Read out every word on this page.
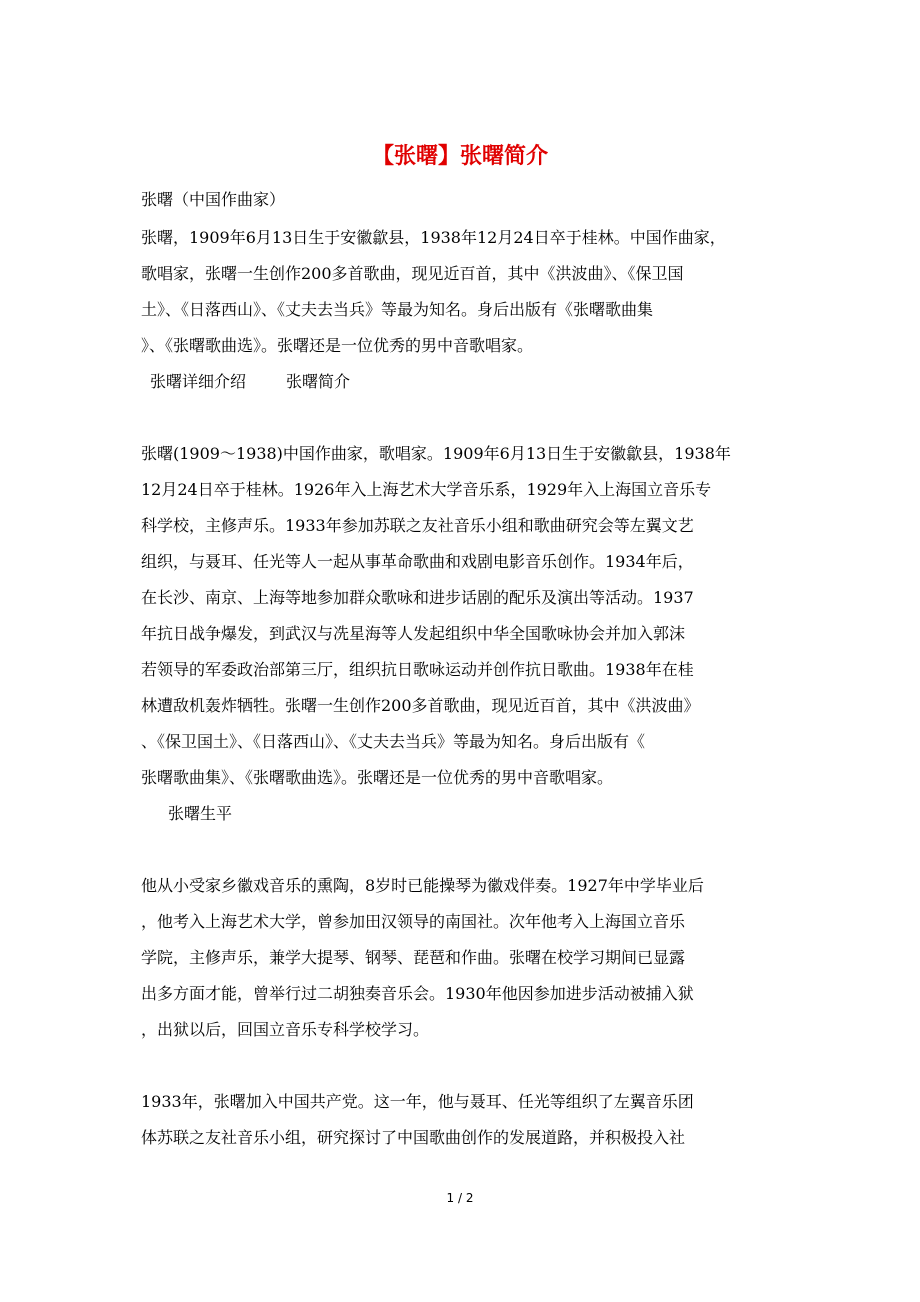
【张曙】张曙简介

张曙（中国作曲家）

张曙，1909年6月13日生于安徽歙县，1938年12月24日卒于桂林。中国作曲家，

歌唱家，张曙一生创作200多首歌曲，现见近百首，其中《洪波曲》、《保卫国

土》、《日落西山》、《丈夫去当兵》等最为知名。身后出版有《张曙歌曲集

》、《张曙歌曲选》。张曙还是一位优秀的男中音歌唱家。

张曙详细介绍	张曙简介

张曙(1909～1938)中国作曲家，歌唱家。1909年6月13日生于安徽歙县，1938年

12月24日卒于桂林。1926年入上海艺术大学音乐系，1929年入上海国立音乐专

科学校，主修声乐。1933年参加苏联之友社音乐小组和歌曲研究会等左翼文艺

组织，与聂耳、任光等人一起从事革命歌曲和戏剧电影音乐创作。1934年后，

在长沙、南京、上海等地参加群众歌咏和进步话剧的配乐及演出等活动。1937

年抗日战争爆发，到武汉与冼星海等人发起组织中华全国歌咏协会并加入郭沫

若领导的军委政治部第三厅，组织抗日歌咏运动并创作抗日歌曲。1938年在桂

林遭敌机轰炸牺牲。张曙一生创作200多首歌曲，现见近百首，其中《洪波曲》

、《保卫国土》、《日落西山》、《丈夫去当兵》等最为知名。身后出版有《

张曙歌曲集》、《张曙歌曲选》。张曙还是一位优秀的男中音歌唱家。

张曙生平

他从小受家乡徽戏音乐的熏陶，8岁时已能操琴为徽戏伴奏。1927年中学毕业后

，他考入上海艺术大学，曾参加田汉领导的南国社。次年他考入上海国立音乐

学院，主修声乐，兼学大提琴、钢琴、琵琶和作曲。张曙在校学习期间已显露

出多方面才能，曾举行过二胡独奏音乐会。1930年他因参加进步活动被捕入狱

，出狱以后，回国立音乐专科学校学习。

1933年，张曙加入中国共产党。这一年，他与聂耳、任光等组织了左翼音乐团

体苏联之友社音乐小组，研究探讨了中国歌曲创作的发展道路，并积极投入社

1 / 2
